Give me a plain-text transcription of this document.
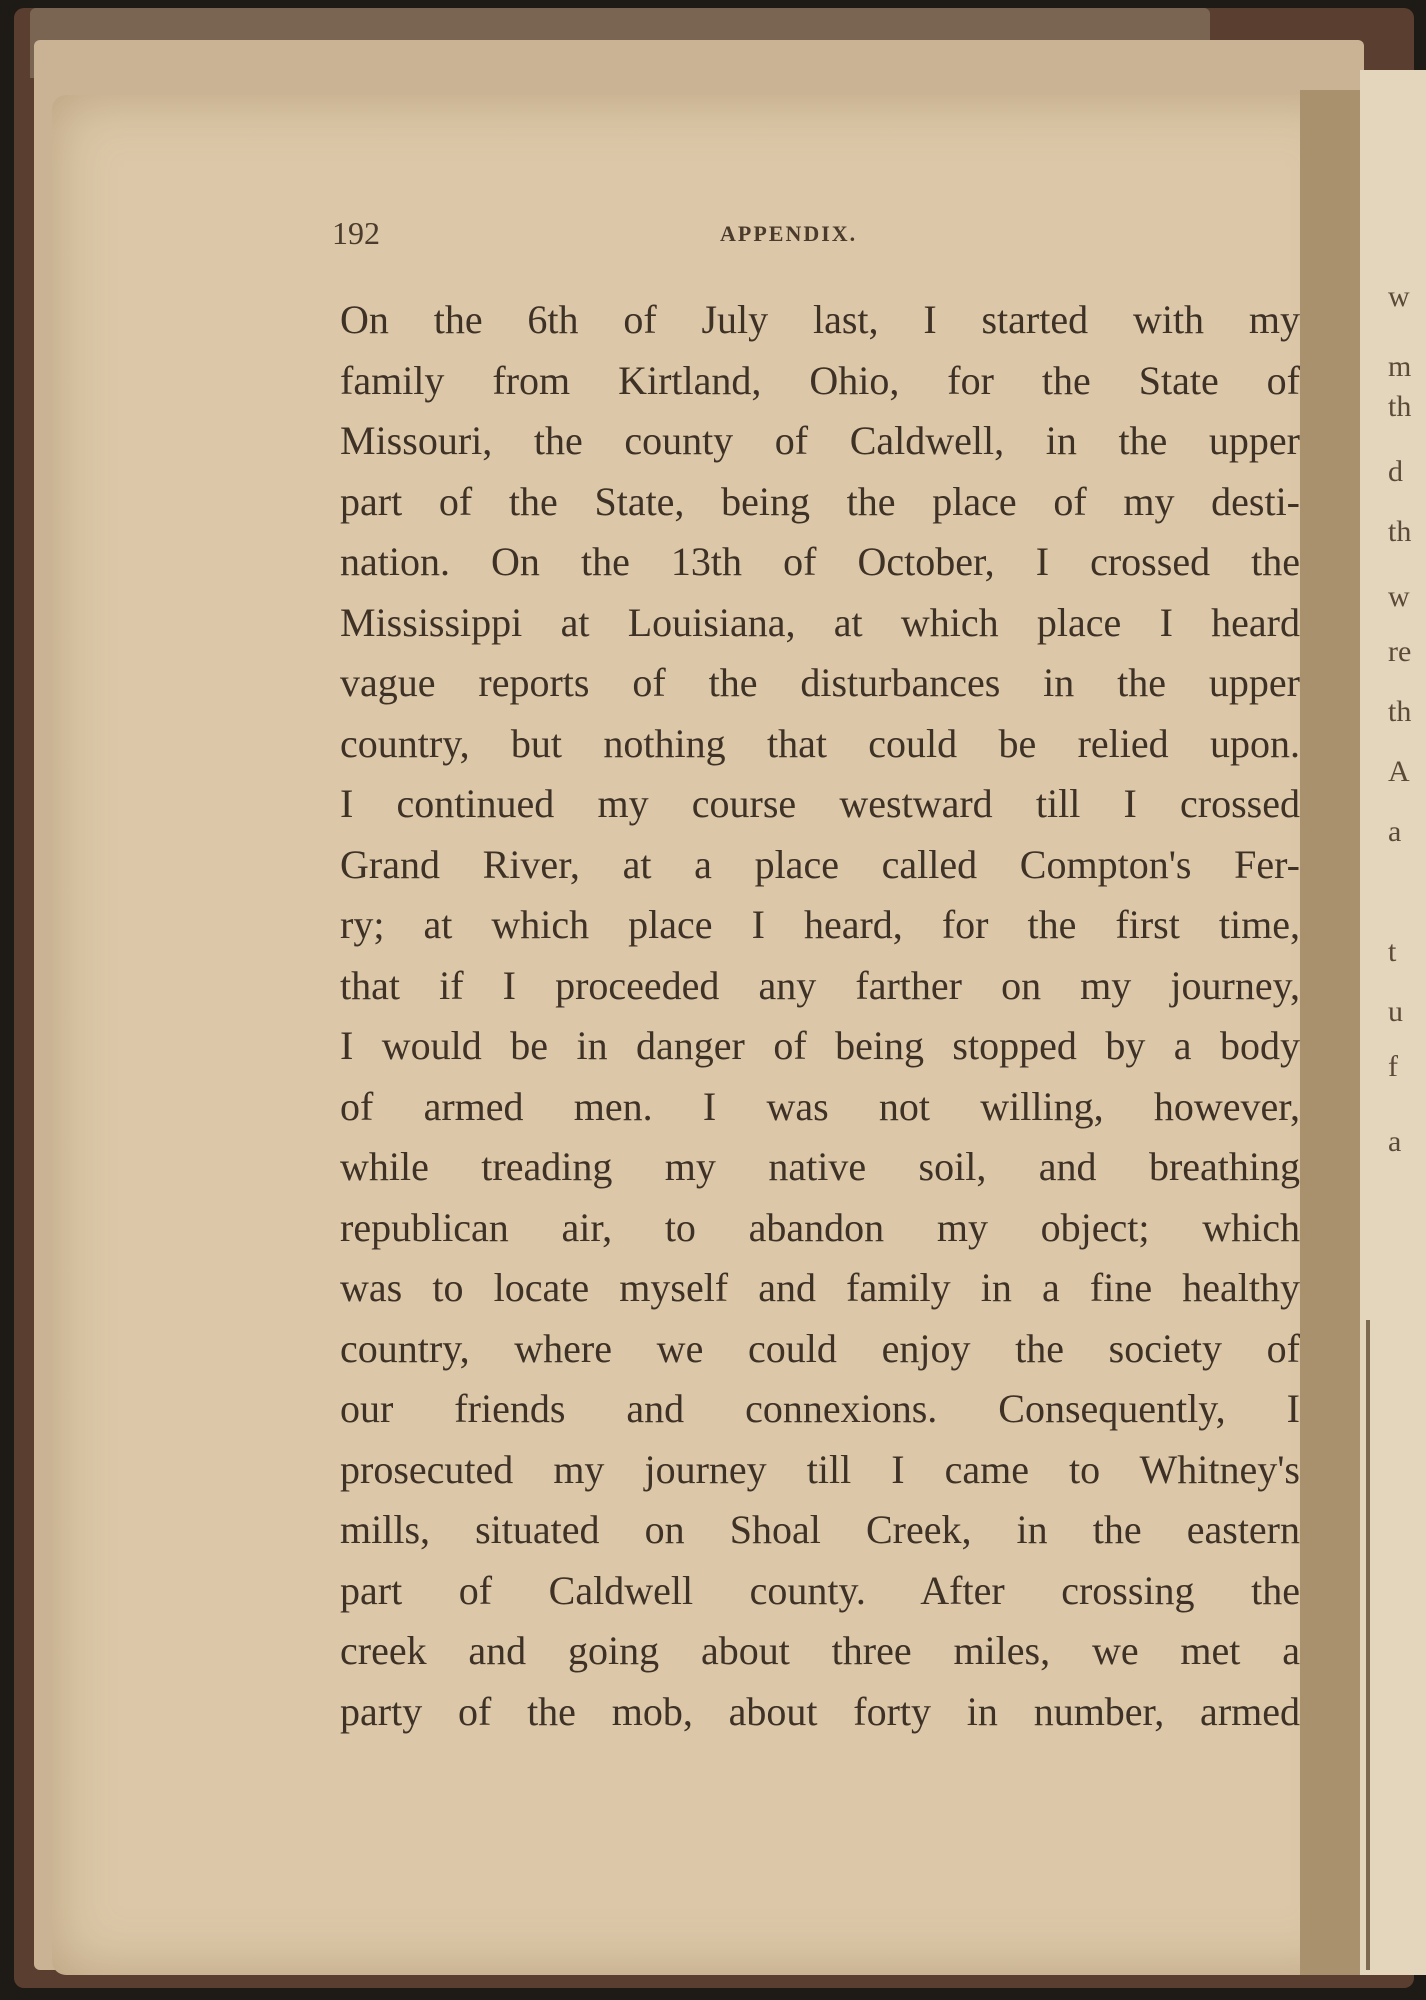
192	APPENDIX.
On the 6th of July last, I started with my
family from Kirtland, Ohio, for the State of
Missouri, the county of Caldwell, in the upper
part of the State, being the place of my desti-
nation. On the 13th of October, I crossed the
Mississippi at Louisiana, at which place I heard
vague reports of the disturbances in the upper
country, but nothing that could be relied upon.
I continued my course westward till I crossed
Grand River, at a place called Compton's Fer-
ry; at which place I heard, for the first time,
that if I proceeded any farther on my journey,
I would be in danger of being stopped by a body
of armed men. I was not willing, however,
while treading my native soil, and breathing
republican air, to abandon my object; which
was to locate myself and family in a fine healthy
country, where we could enjoy the society of
our friends and connexions. Consequently, I
prosecuted my journey till I came to Whitney's
mills, situated on Shoal Creek, in the eastern
part of Caldwell county. After crossing the
creek and going about three miles, we met a
party of the mob, about forty in number, armed
w
m
th
d
th
w
re
th
A
a
t
u
f
a
